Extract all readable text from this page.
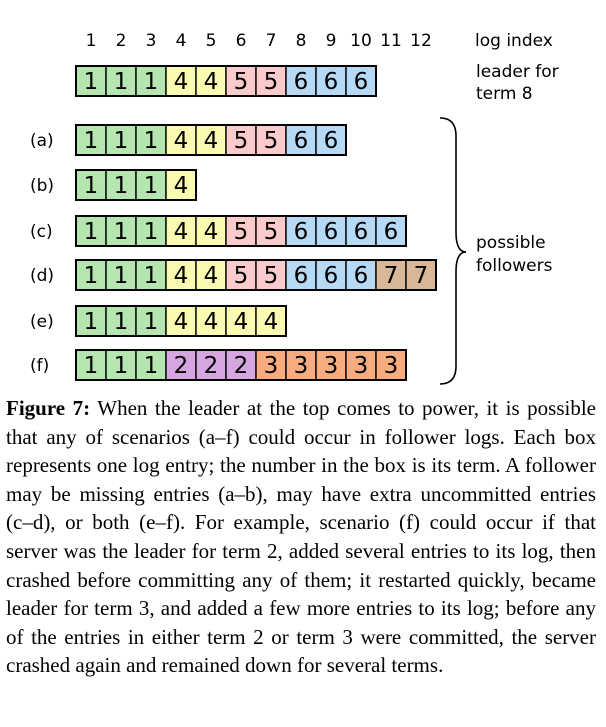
1 2 3 4 5 6 7 8 9 10 11 12	log index
1 1 1 4 4 5 5 6 6 6	leader for
term 8
(a) 1 1 1 4 4 5 5 6 6
(b) 1 1 1 4
(c) 1 1 1 4 4 5 5 6 6 6 6
(d) 1 1 1 4 4 5 5 6 6 6 7 7
(e) 1 1 1 4 4 4 4
(f) 1 1 1 2 2 2 3 3 3 3 3
possible
followers
Figure 7: When the leader at the top comes to power, it is possible that any of scenarios (a–f) could occur in follower logs. Each box represents one log entry; the number in the box is its term. A follower may be missing entries (a–b), may have extra uncommitted entries (c–d), or both (e–f). For example, scenario (f) could occur if that server was the leader for term 2, added several entries to its log, then crashed before committing any of them; it restarted quickly, became leader for term 3, and added a few more entries to its log; before any of the entries in either term 2 or term 3 were committed, the server crashed again and remained down for several terms.
